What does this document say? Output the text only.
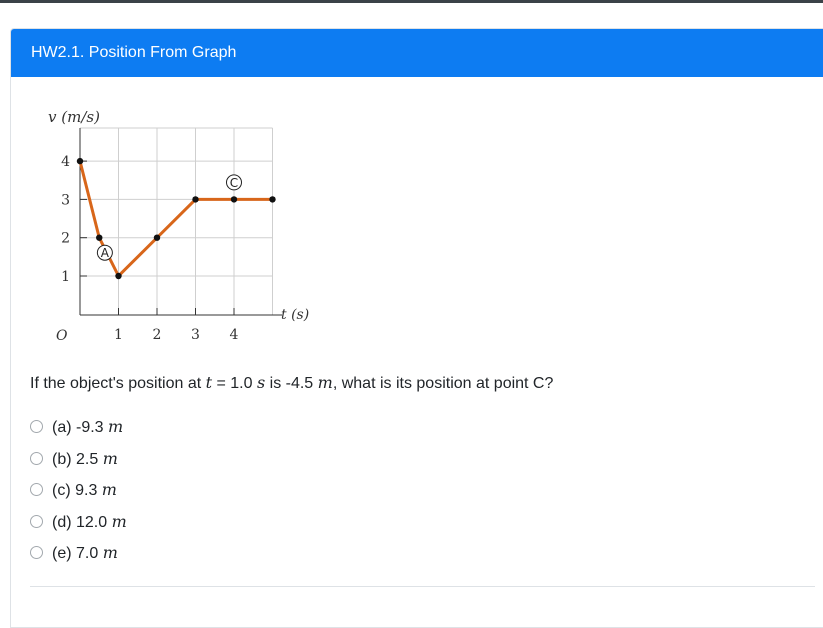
HW2.1. Position From Graph
v (m/s)
t (s)
O	1 2 3 4
1
2
3
4
A
C
If the object's position at t = 1.0 s is -4.5 m, what is its position at point C?
(a) -9.3 m
(b) 2.5 m
(c) 9.3 m
(d) 12.0 m
(e) 7.0 m
